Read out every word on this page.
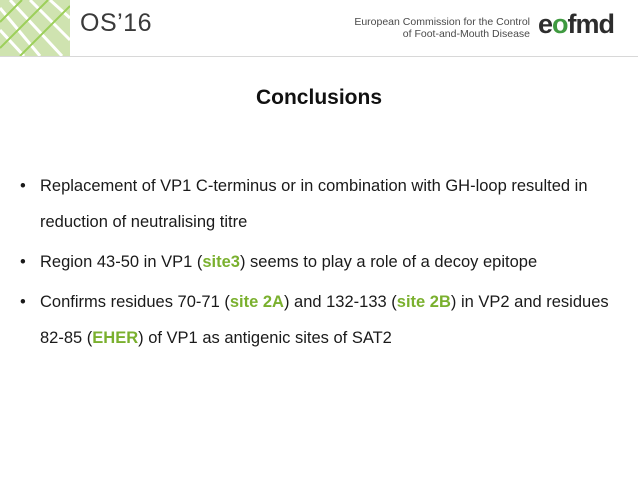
OS’16	European Commission for the Control
of Foot-and-Mouth Disease eofmd
Conclusions
• Replacement of VP1 C-terminus or in combination with GH-loop resulted in reduction of neutralising titre
• Region 43-50 in VP1 (site3) seems to play a role of a decoy epitope
• Confirms residues 70-71 (site 2A) and 132-133 (site 2B) in VP2 and residues 82-85 (EHER) of VP1 as antigenic sites of SAT2
